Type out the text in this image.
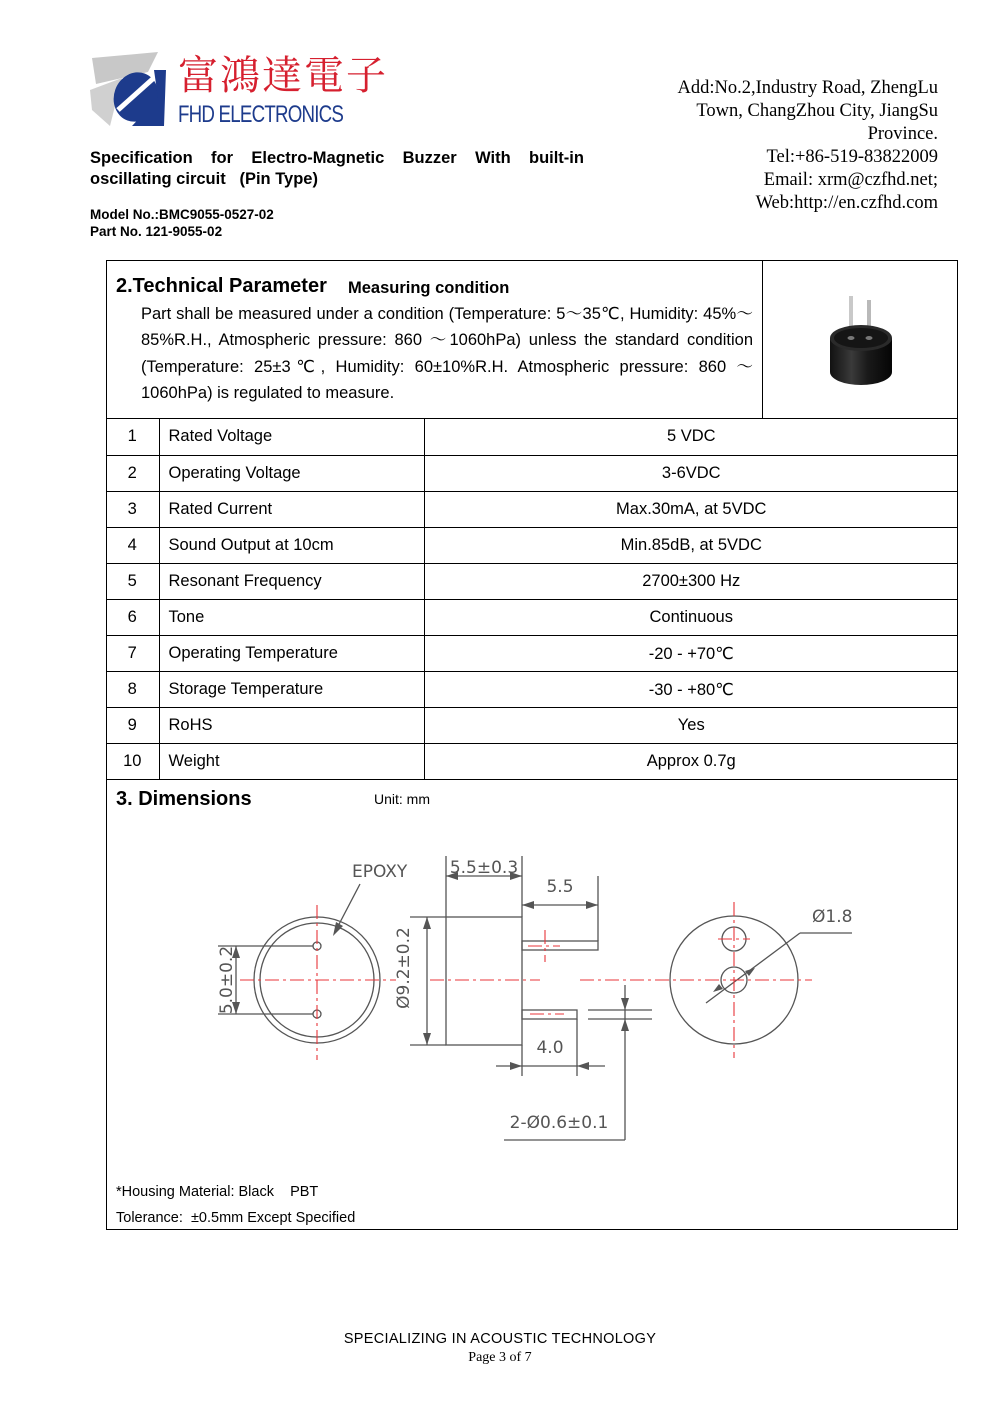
富鴻達電子
FHD ELECTRONICS
Specification for Electro-Magnetic Buzzer With built-in
oscillating circuit   (Pin Type)
Model No.:BMC9055-0527-02
Part No. 121-9055-02
Add:No.2,Industry Road, ZhengLu
Town, ChangZhou City, JiangSu
Province.
Tel:+86-519-83822009
Email: xrm@czfhd.net;
Web:http://en.czfhd.com
2.Technical Parameter Measuring condition
Part shall be measured under a condition (Temperature: 5～35℃, Humidity: 45%～85%R.H., Atmospheric pressure: 860 ～1060hPa) unless the standard condition (Temperature: 25±3℃, Humidity: 60±10%R.H. Atmospheric pressure: 860 ～1060hPa) is regulated to measure.
1	Rated Voltage	5 VDC
2	Operating Voltage	3-6VDC
3	Rated Current	Max.30mA, at 5VDC
4	Sound Output at 10cm	Min.85dB, at 5VDC
5	Resonant Frequency	2700±300 Hz
6	Tone	Continuous
7	Operating Temperature	-20 - +70℃
8	Storage Temperature	-30 - +80℃
9	RoHS	Yes
10	Weight	Approx 0.7g
3. Dimensions	Unit: mm
EPOXY
5.0±0.2	Ø9.2±0.2
5.5±0.3
5.5
4.0
2-Ø0.6±0.1
Ø1.8
*Housing Material: Black    PBT
Tolerance:  ±0.5mm Except Specified
SPECIALIZING IN ACOUSTIC TECHNOLOGY
Page 3 of 7
